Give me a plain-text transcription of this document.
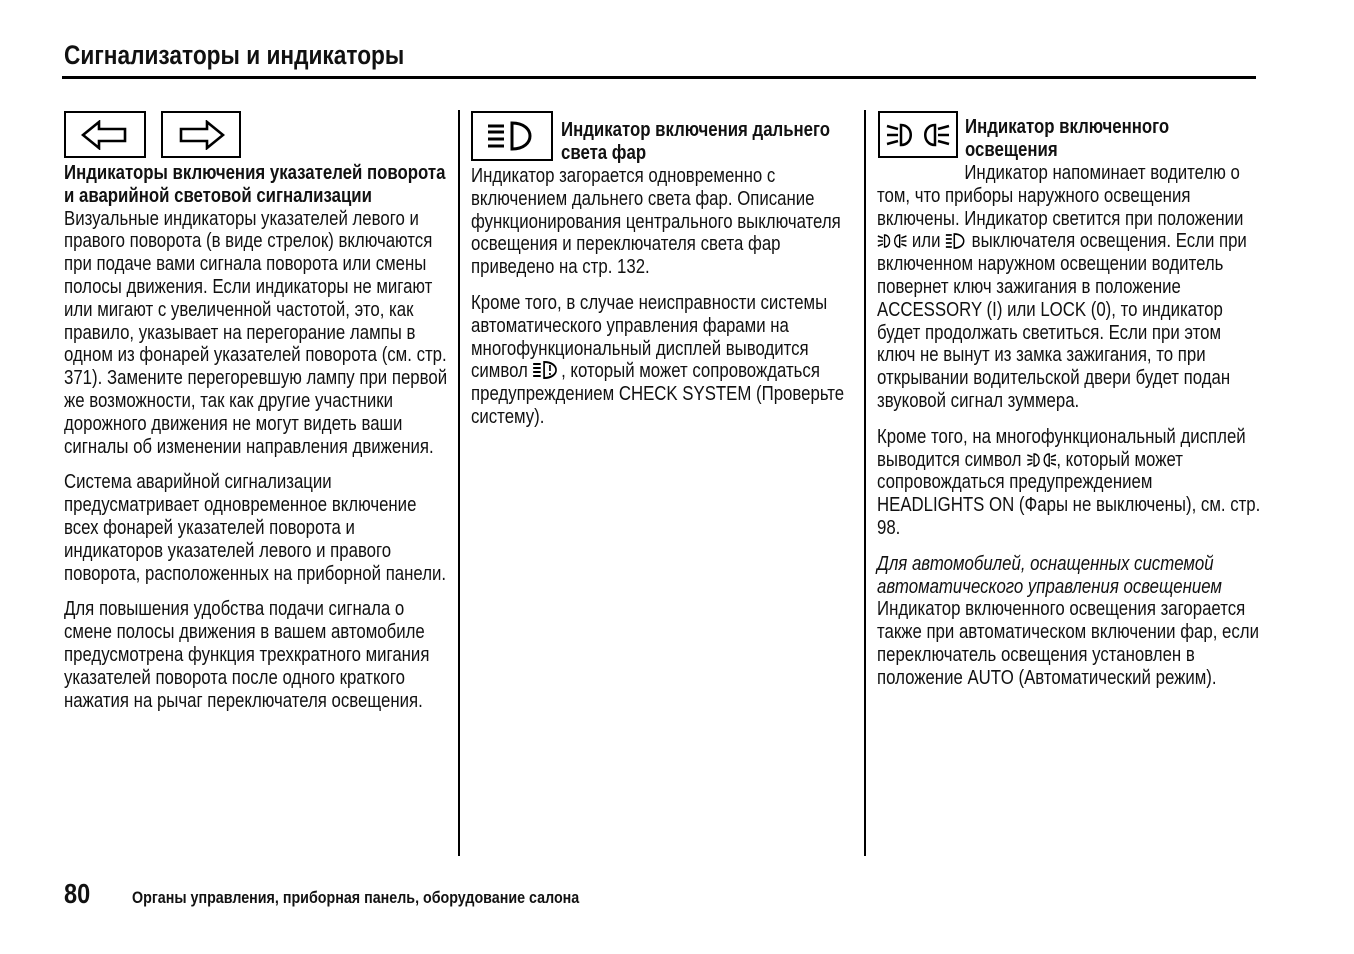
Сигнализаторы и индикаторы

Индикаторы включения указателей поворота и аварийной световой сигнализации

Визуальные индикаторы указателей левого и правого поворота (в виде стрелок) включаются при подаче вами сигнала поворота или смены полосы движения. Если индикаторы не мигают или мигают с увеличенной частотой, это, как правило, указывает на перегорание лампы в одном из фонарей указателей поворота (см. стр. 371). Замените перегоревшую лампу при первой же возможности, так как другие участники дорожного движения не могут видеть ваши сигналы об изменении направления движения.

Система аварийной сигнализации предусматривает одновременное включение всех фонарей указателей поворота и индикаторов указателей левого и правого поворота, расположенных на приборной панели.

Для повышения удобства подачи сигнала о смене полосы движения в вашем автомобиле предусмотрена функция трехкратного мигания указателей поворота после одного краткого нажатия на рычаг переключателя освещения.

Индикатор включения дальнего света фар

Индикатор загорается одновременно с включением дальнего света фар. Описание функционирования центрального выключателя освещения и переключателя света фар приведено на стр. 132.

Кроме того, в случае неисправности системы автоматического управления фарами на многофункциональный дисплей выводится символ , который может сопровождаться предупреждением CHECK SYSTEM (Проверьте систему).

Индикатор включенного освещения

Индикатор напоминает водителю о том, что приборы наружного освещения включены. Индикатор светится при положении  или выключателя освещения. Если при включенном наружном освещении водитель повернет ключ зажигания в положение ACCESSORY (I) или LOCK (0), то индикатор будет продолжать светиться. Если при этом ключ не вынут из замка зажигания, то при открывании водительской двери будет подан звуковой сигнал зуммера.

Кроме того, на многофункциональный дисплей выводится символ , который может сопровождаться предупреждением HEADLIGHTS ON (Фары не выключены), см. стр. 98.

Для автомобилей, оснащенных системой автоматического управления освещением

Индикатор включенного освещения загорается также при автоматическом включении фар, если переключатель освещения установлен в положение AUTO (Автоматический режим).

80 Органы управления, приборная панель, оборудование салона
